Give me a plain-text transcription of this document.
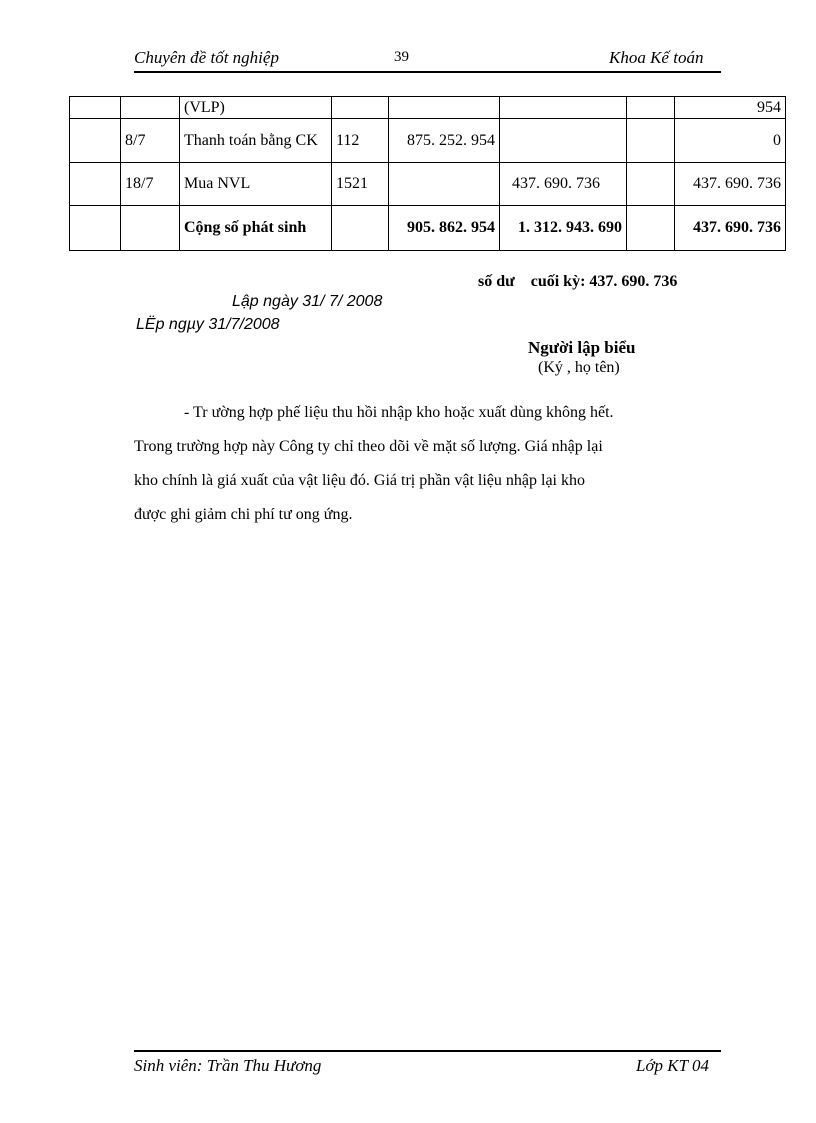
Chuyên đề tốt nghiệp	39	Khoa Kế toán
		(VLP)					954
	8/7	Thanh toán bằng CK	112	875. 252. 954			0
	18/7	Mua NVL	1521		437. 690. 736		437. 690. 736
		Cộng số phát sinh		905. 862. 954	1. 312. 943. 690		437. 690. 736
số dư    cuối kỳ: 437. 690. 736
Lập ngày 31/ 7/ 2008
LËp ngµy 31/7/2008
Người lập biểu
(Ký , họ tên)
- Tr ường hợp phế liệu thu hồi nhập kho hoặc xuất dùng không hết.
Trong trường hợp này Công ty chỉ theo dõi về mặt số lượng. Giá nhập lại
kho chính là giá xuất của vật liệu đó. Giá trị phần vật liệu nhập lại kho
được ghi giảm chi phí tư ong ứng.
Sinh viên: Trần Thu Hương	Lớp KT 04
